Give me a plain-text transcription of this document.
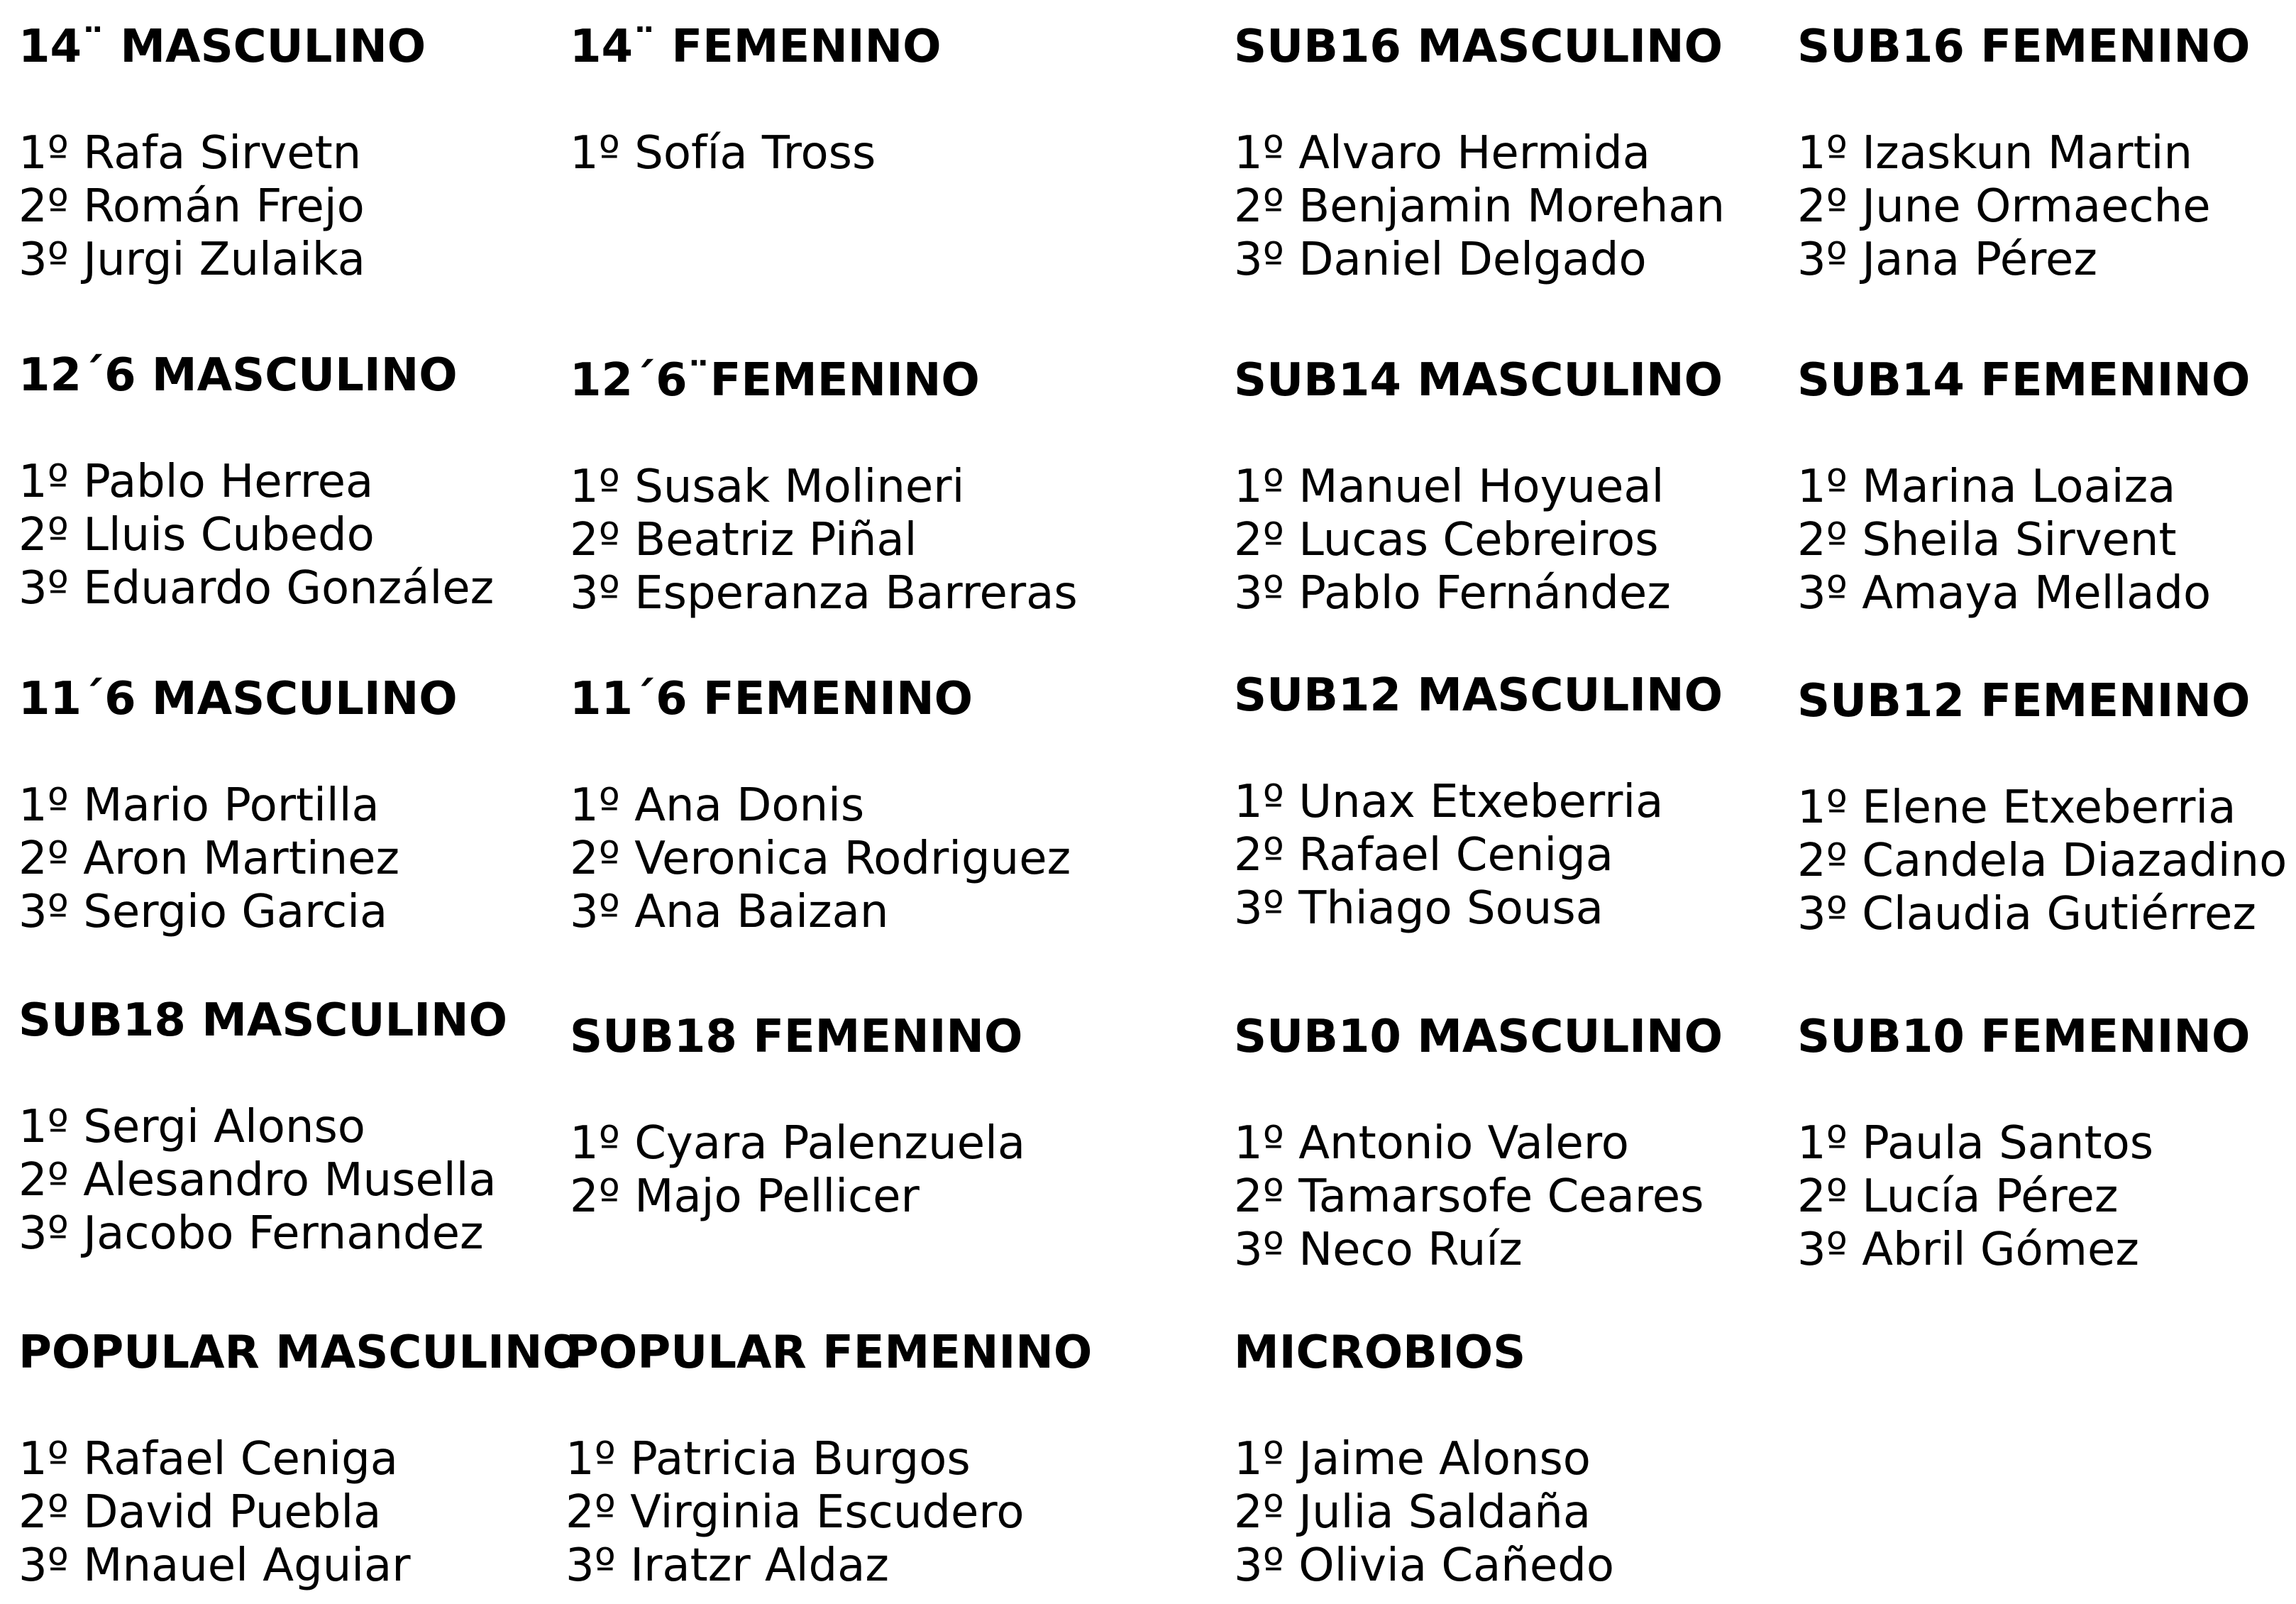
14¨ MASCULINO
1º Rafa Sirvetn
2º Román Frejo
3º Jurgi Zulaika
14¨ FEMENINO
1º Sofía Tross
SUB16 MASCULINO
1º Alvaro Hermida
2º Benjamin Morehan
3º Daniel Delgado
SUB16 FEMENINO
1º Izaskun Martin
2º June Ormaeche
3º Jana Pérez
12´6 MASCULINO
1º Pablo Herrea
2º Lluis Cubedo
3º Eduardo González
12´6¨FEMENINO
1º Susak Molineri
2º Beatriz Piñal
3º Esperanza Barreras
SUB14 MASCULINO
1º Manuel Hoyueal
2º Lucas Cebreiros
3º Pablo Fernández
SUB14 FEMENINO
1º Marina Loaiza
2º Sheila Sirvent
3º Amaya Mellado
11´6 MASCULINO
1º Mario Portilla
2º Aron Martinez
3º Sergio Garcia
11´6 FEMENINO
1º Ana Donis
2º Veronica Rodriguez
3º Ana Baizan
SUB12 MASCULINO
1º Unax Etxeberria
2º Rafael Ceniga
3º Thiago Sousa
SUB12 FEMENINO
1º Elene Etxeberria
2º Candela Diazadino
3º Claudia Gutiérrez
SUB18 MASCULINO
1º Sergi Alonso
2º Alesandro Musella
3º Jacobo Fernandez
SUB18 FEMENINO
1º Cyara Palenzuela
2º Majo Pellicer
SUB10 MASCULINO
1º Antonio Valero
2º Tamarsofe Ceares
3º Neco Ruíz
SUB10 FEMENINO
1º Paula Santos
2º Lucía Pérez
3º Abril Gómez
POPULAR MASCULINO
1º Rafael Ceniga
2º David Puebla
3º Mnauel Aguiar
POPULAR FEMENINO
1º Patricia Burgos
2º Virginia Escudero
3º Iratzr Aldaz
MICROBIOS
1º Jaime Alonso
2º Julia Saldaña
3º Olivia Cañedo
